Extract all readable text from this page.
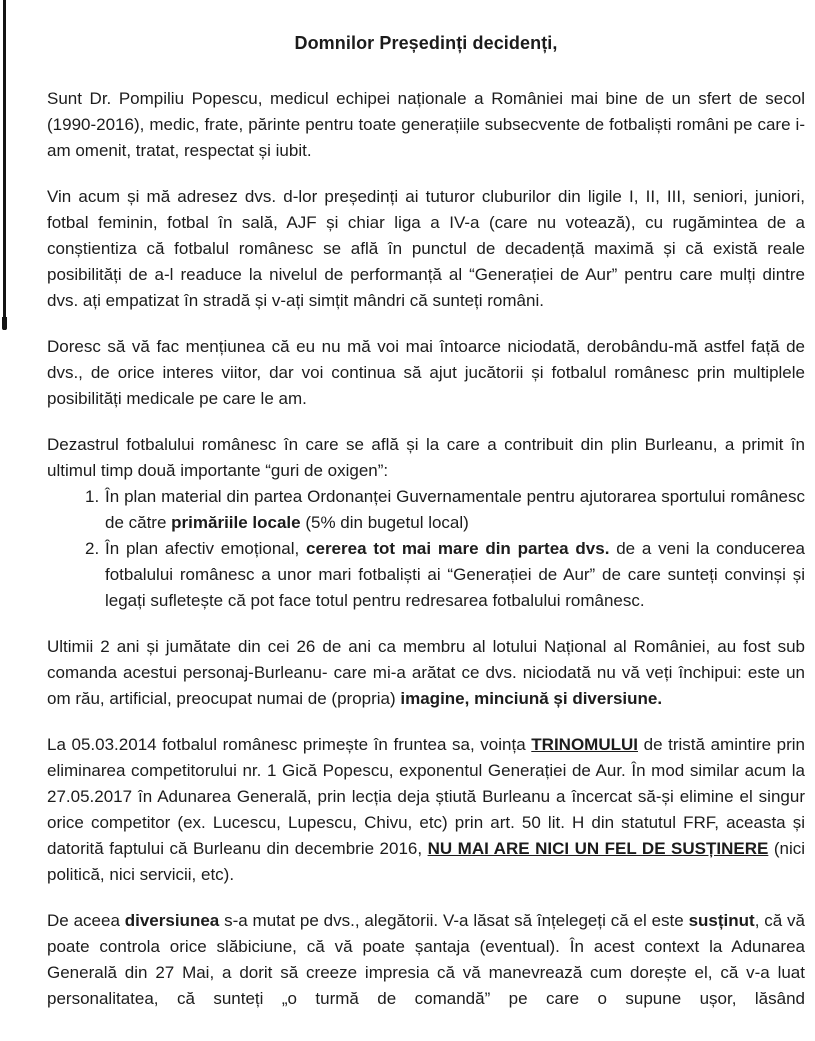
Domnilor Președinți decidenți,

Sunt Dr. Pompiliu Popescu, medicul echipei naționale a României mai bine de un sfert de secol (1990-2016), medic, frate, părinte pentru toate generațiile subsecvente de fotbaliști români pe care i-am omenit, tratat, respectat și iubit.

Vin acum și mă adresez dvs. d-lor președinți ai tuturor cluburilor din ligile I, II, III, seniori, juniori, fotbal feminin, fotbal în sală, AJF și chiar liga a IV-a (care nu votează), cu rugămintea de a conștientiza că fotbalul românesc se află în punctul de decadență maximă și că există reale posibilități de a-l readuce la nivelul de performanță al “Generației de Aur” pentru care mulți dintre dvs. ați empatizat în stradă și v-ați simțit mândri că sunteți români.

Doresc să vă fac mențiunea că eu nu mă voi mai întoarce niciodată, derobându-mă astfel față de dvs., de orice interes viitor, dar voi continua să ajut jucătorii și fotbalul românesc prin multiplele posibilități medicale pe care le am.

Dezastrul fotbalului românesc în care se află și la care a contribuit din plin Burleanu, a primit în ultimul timp două importante “guri de oxigen”:

1. În plan material din partea Ordonanței Guvernamentale pentru ajutorarea sportului românesc de către primăriile locale (5% din bugetul local)
2. În plan afectiv emoțional, cererea tot mai mare din partea dvs. de a veni la conducerea fotbalului românesc a unor mari fotbaliști ai “Generației de Aur” de care sunteți convinși și legați sufletește că pot face totul pentru redresarea fotbalului românesc.

Ultimii 2 ani și jumătate din cei 26 de ani ca membru al lotului Național al României, au fost sub comanda acestui personaj-Burleanu- care mi-a arătat ce dvs. niciodată nu vă veți închipui: este un om rău, artificial, preocupat numai de (propria) imagine, minciună și diversiune.

La 05.03.2014 fotbalul românesc primește în fruntea sa, voința TRINOMULUI de tristă amintire prin eliminarea competitorului nr. 1 Gică Popescu, exponentul Generației de Aur. În mod similar acum la 27.05.2017 în Adunarea Generală, prin lecția deja știută Burleanu a încercat să-și elimine el singur orice competitor (ex. Lucescu, Lupescu, Chivu, etc) prin art. 50 lit. H din statutul FRF, aceasta și datorită faptului că Burleanu din decembrie 2016, NU MAI ARE NICI UN FEL DE SUSȚINERE (nici politică, nici servicii, etc).

De aceea diversiunea s-a mutat pe dvs., alegătorii. V-a lăsat să înțelegeți că el este susținut, că vă poate controla orice slăbiciune, că vă poate șantaja (eventual). În acest context la Adunarea Generală din 27 Mai, a dorit să creeze impresia că vă manevrează cum dorește el, că v-a luat personalitatea, că sunteți „o turmă de comandă” pe care o supune ușor, lăsând
